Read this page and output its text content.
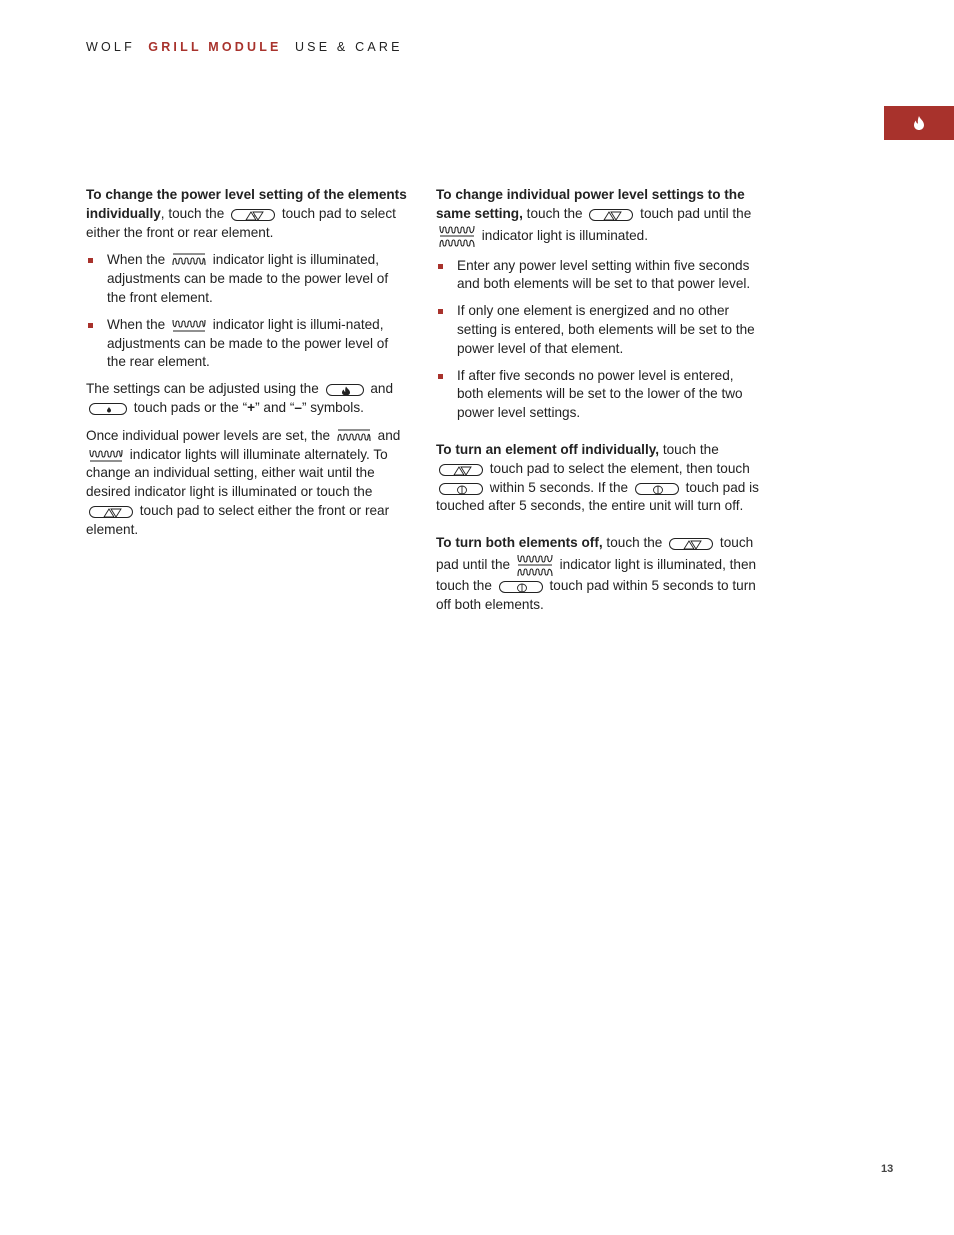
WOLF GRILL MODULE USE & CARE

To change the power level setting of the elements individually, touch the	touch pad to select either the front or rear element.

When the	indicator light is illuminated, adjustments can be made to the power level of the front element.
When the	indicator light is illumi-nated, adjustments can be made to the power level of the rear element.

The settings can be adjusted using the	and
touch pads or the “+” and “–” symbols.

Once individual power levels are set, the	and  indicator lights will illuminate alternately. To change an individual setting, either wait until the desired indicator light is illuminated or touch the
touch pad to select either the front or rear element.

To change individual power level settings to the same setting, touch the	touch pad until the  indicator light is illuminated.

Enter any power level setting within five seconds and both elements will be set to that power level.
If only one element is energized and no other setting is entered, both elements will be set to the power level of that element.
If after five seconds no power level is entered, both elements will be set to the lower of the two power level settings.

To turn an element off individually, touch the
touch pad to select the element, then touch
within 5 seconds. If the	touch pad is touched after 5 seconds, the entire unit will turn off.

To turn both elements off, touch the	touch pad until the	indicator light is illuminated, then touch the	touch pad within 5 seconds to turn off both elements.

13
